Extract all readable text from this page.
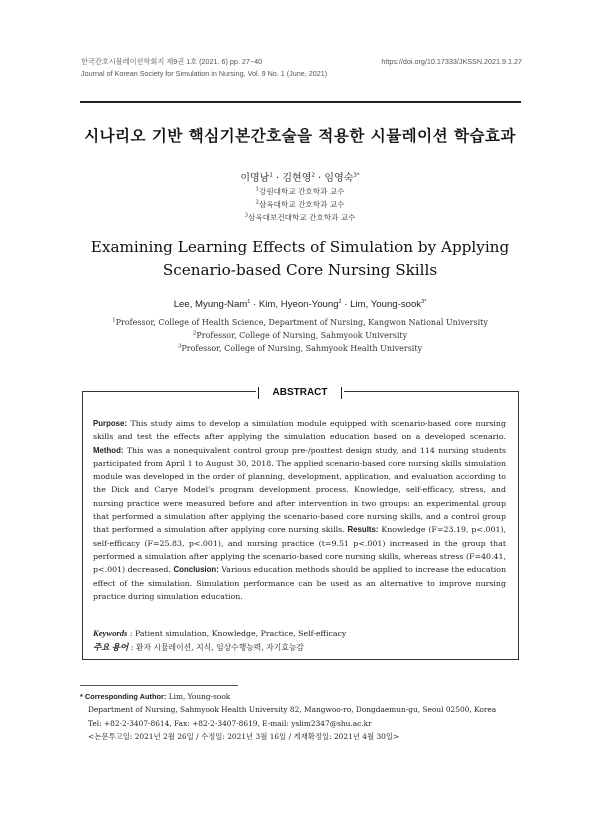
한국간호시뮬레이션학회지 제9권 1호 (2021. 6) pp. 27~40
Journal of Korean Society for Simulation in Nursing, Vol. 9 No. 1 (June, 2021)
https://doi.org/10.17333/JKSSN.2021.9.1.27
시나리오 기반 핵심기본간호술을 적용한 시뮬레이션 학습효과
이명남$^1$ · 김현영$^2$ · 임영숙$^{3*}$
$^1$강원대학교 간호학과 교수
$^2$삼육대학교 간호학과 교수
$^3$삼육대보건대학교 간호학과 교수
Examining Learning Effects of Simulation by Applying
Scenario-based Core Nursing Skills
Lee, Myung-Nam$^1$ · Kim, Hyeon-Young$^2$ · Lim, Young-sook$^{3*}$
$^1$Professor, College of Health Science, Department of Nursing, Kangwon National University
$^2$Professor, College of Nursing, Sahmyook University
$^3$Professor, College of Nursing, Sahmyook Health University
ABSTRACT
Purpose: This study aims to develop a simulation module equipped with scenario-based core nursing skills and test the effects after applying the simulation education based on a developed scenario. Method: This was a nonequivalent control group pre-/posttest design study, and 114 nursing students participated from April 1 to August 30, 2018. The applied scenario-based core nursing skills simulation module was developed in the order of planning, development, application, and evaluation according to the Dick and Carye Model's program development process. Knowledge, self-efficacy, stress, and nursing practice were measured before and after intervention in two groups: an experimental group that performed a simulation after applying the scenario-based core nursing skills, and a control group that performed a simulation after applying core nursing skills. Results: Knowledge (F=23.19, p<.001), self-efficacy (F=25.83, p<.001), and nursing practice (t=9.51 p<.001) increased in the group that performed a simulation after applying the scenario-based core nursing skills, whereas stress (F=40.41, p<.001) decreased. Conclusion: Various education methods should be applied to increase the education effect of the simulation. Simulation performance can be used as an alternative to improve nursing practice during simulation education.
Keywords : Patient simulation, Knowledge, Practice, Self-efficacy
주요 용어 : 환자 시뮬레이션, 지식, 임상수행능력, 자기효능감
* Corresponding Author: Lim, Young-sook
Department of Nursing, Sahmyook Health University 82, Mangwoo-ro, Dongdaemun-gu, Seoul 02500, Korea
Tel: +82-2-3407-8614, Fax: +82-2-3407-8619, E-mail: yslim2347@shu.ac.kr
<논문투고일: 2021년 2월 26일 / 수정일: 2021년 3월 16일 / 게재확정일: 2021년 4월 30일>
